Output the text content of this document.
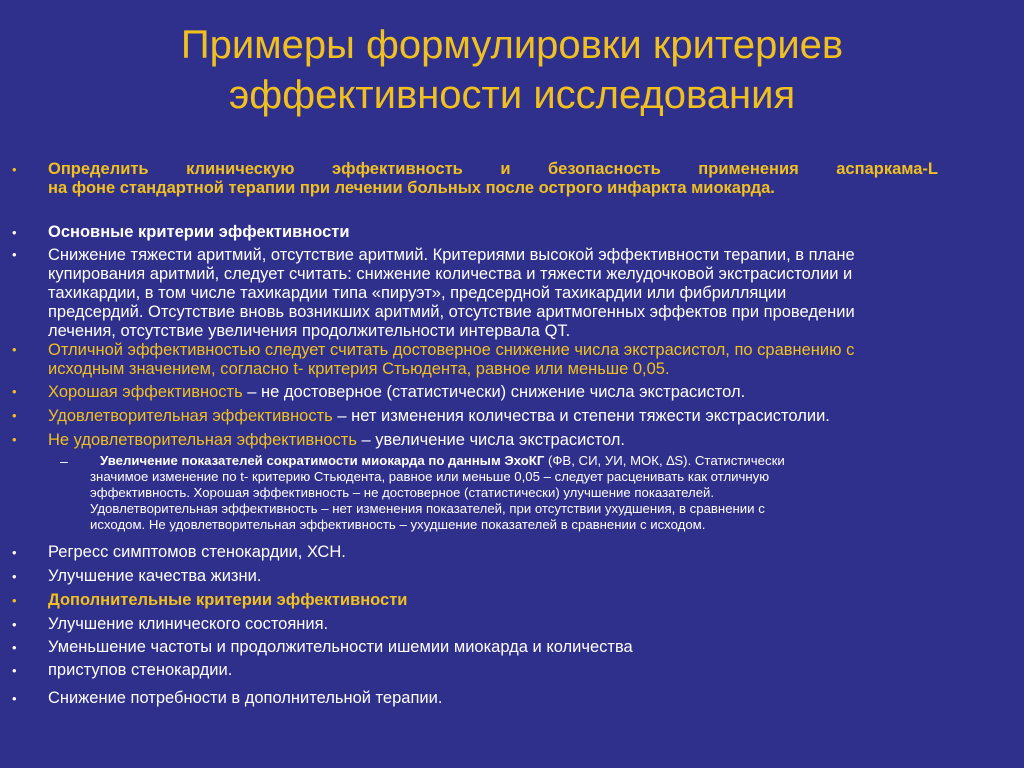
Примеры формулировки критериев
эффективности исследования
• Определить клиническую эффективность и безопасность применения аспаркама-L
на фоне стандартной терапии при лечении больных после острого инфаркта миокарда.
• Основные критерии эффективности
• Снижение тяжести аритмий, отсутствие аритмий. Критериями высокой эффективности терапии, в плане
купирования аритмий, следует считать: снижение количества и тяжести желудочковой экстрасистолии и
тахикардии, в том числе тахикардии типа «пируэт», предсердной тахикардии или фибрилляции
предсердий. Отсутствие вновь возникших аритмий, отсутствие аритмогенных эффектов при проведении
лечения, отсутствие увеличения продолжительности интервала QT.
• Отличной эффективностью следует считать достоверное снижение числа экстрасистол, по сравнению с
исходным значением, согласно t- критерия Стьюдента, равное или меньше 0,05.
• Хорошая эффективность – не достоверное (статистически) снижение числа экстрасистол.
• Удовлетворительная эффективность – нет изменения количества и степени тяжести экстрасистолии.
• Не удовлетворительная эффективность – увеличение числа экстрасистол.
– Увеличение показателей сократимости миокарда по данным ЭхоКГ (ФВ, СИ, УИ, МОК, ∆S). Статистически
значимое изменение по t- критерию Стьюдента, равное или меньше 0,05 – следует расценивать как отличную
эффективность. Хорошая эффективность – не достоверное (статистически) улучшение показателей.
Удовлетворительная эффективность – нет изменения показателей, при отсутствии ухудшения, в сравнении с
исходом. Не удовлетворительная эффективность – ухудшение показателей в сравнении с исходом.
• Регресс симптомов стенокардии, ХСН.
• Улучшение качества жизни.
• Дополнительные критерии эффективности
• Улучшение клинического состояния.
• Уменьшение частоты и продолжительности ишемии миокарда и количества
• приступов стенокардии.
• Снижение потребности в дополнительной терапии.
